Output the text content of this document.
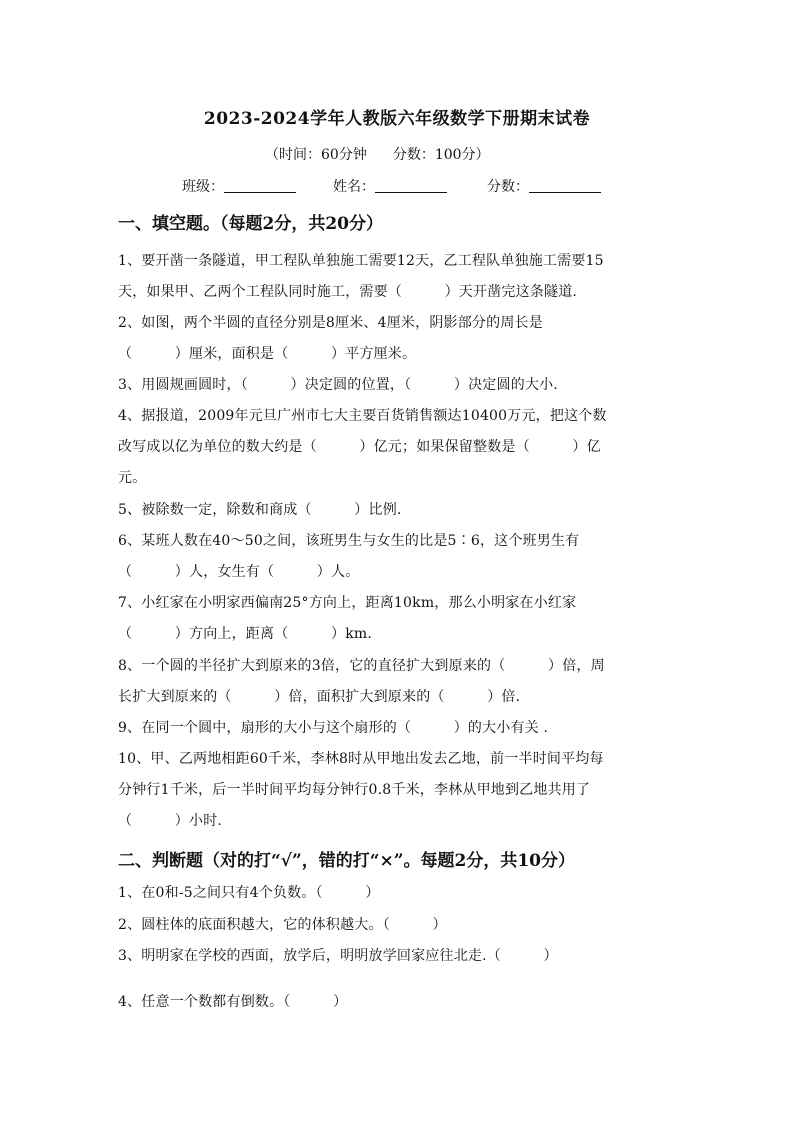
2023-2024学年人教版六年级数学下册期末试卷
（时间：60分钟 分数：100分）
班级：	姓名：	分数：
一、填空题。（每题2分，共20分）
1、要开凿一条隧道，甲工程队单独施工需要12天，乙工程队单独施工需要15
天，如果甲、乙两个工程队同时施工，需要（　　　）天开凿完这条隧道.
2、如图，两个半圆的直径分别是8厘米、4厘米，阴影部分的周长是
（　　　）厘米，面积是（　　　）平方厘米。
3、用圆规画圆时，（　　　）决定圆的位置，（　　　）决定圆的大小.
4、据报道，2009年元旦广州市七大主要百货销售额达10400万元，把这个数
改写成以亿为单位的数大约是（　　　）亿元；如果保留整数是（　　　）亿
元。
5、被除数一定，除数和商成（　　　）比例.
6、某班人数在40～50之间，该班男生与女生的比是5∶6，这个班男生有
（　　　）人，女生有（　　　）人。
7、小红家在小明家西偏南25°方向上，距离10km，那么小明家在小红家
（　　　）方向上，距离（　　　）km.
8、一个圆的半径扩大到原来的3倍，它的直径扩大到原来的（　　　）倍，周
长扩大到原来的（　　　）倍，面积扩大到原来的（　　　）倍.
9、在同一个圆中，扇形的大小与这个扇形的（　　　）的大小有关 .
10、甲、乙两地相距60千米，李林8时从甲地出发去乙地，前一半时间平均每
分钟行1千米，后一半时间平均每分钟行0.8千米，李林从甲地到乙地共用了
（　　　）小时.
二、判断题（对的打“√”，错的打“×”。每题2分，共10分）
1、在0和-5之间只有4个负数。（　　　）
2、圆柱体的底面积越大，它的体积越大。（　　　）
3、明明家在学校的西面，放学后，明明放学回家应往北走.（　　　）
4、任意一个数都有倒数。（　　　）
